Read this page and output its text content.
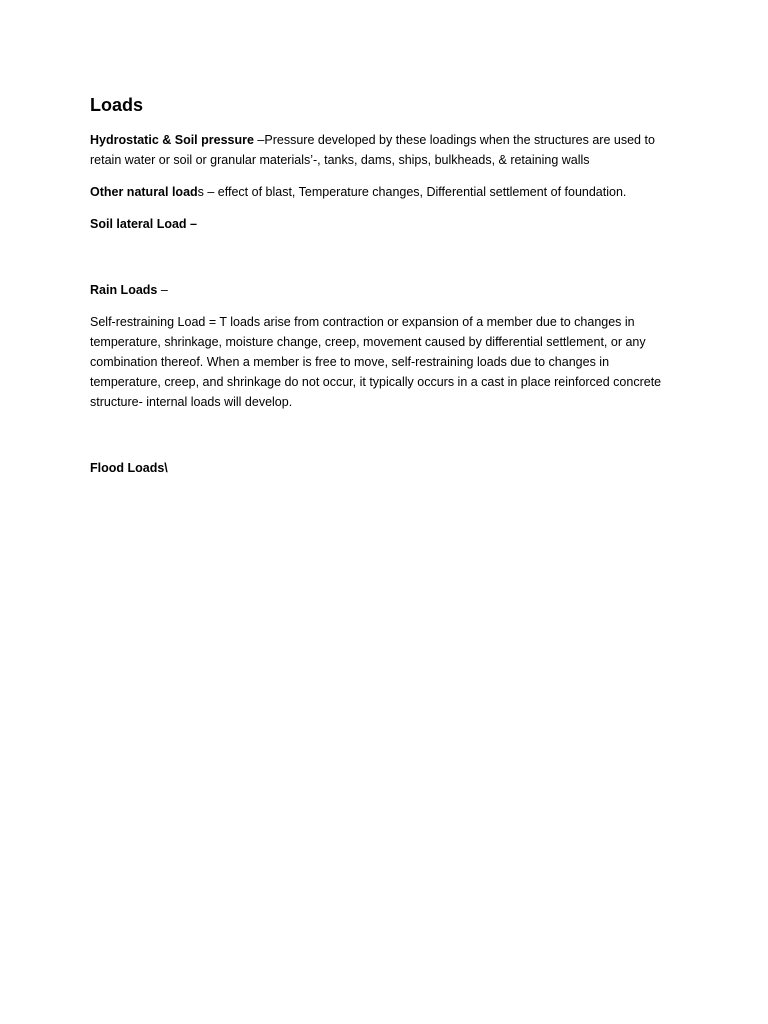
Loads

Hydrostatic & Soil pressure –Pressure developed by these loadings when the structures are used to retain water or soil or granular materials’-, tanks, dams, ships, bulkheads, & retaining walls

Other natural loads – effect of blast, Temperature changes, Differential settlement of foundation.

Soil lateral Load –

Rain Loads –

Self-restraining Load = T loads arise from contraction or expansion of a member due to changes in temperature, shrinkage, moisture change, creep, movement caused by differential settlement, or any combination thereof. When a member is free to move, self-restraining loads due to changes in temperature, creep, and shrinkage do not occur, it typically occurs in a cast in place reinforced concrete structure- internal loads will develop.

Flood Loads\
